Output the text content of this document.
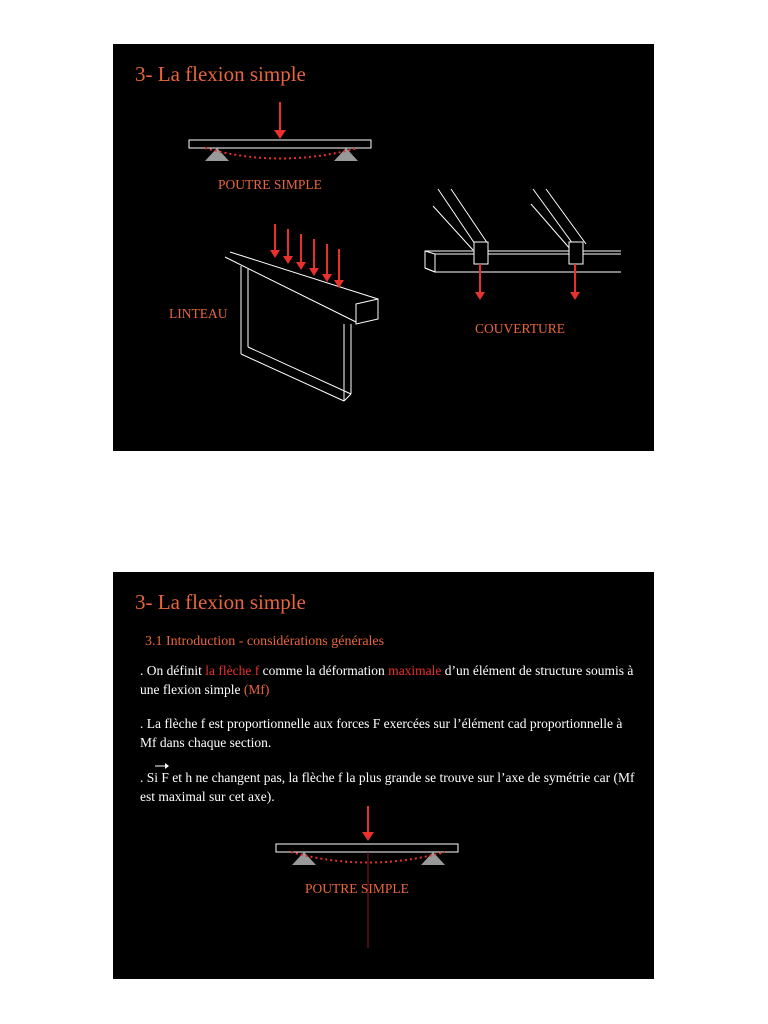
3- La flexion simple
POUTRE SIMPLE
LINTEAU
COUVERTURE
3- La flexion simple
3.1 Introduction - considérations générales

. On définit la flèche f comme la déformation maximale d’un élément de structure soumis à une flexion simple (Mf)

. La flèche f est proportionnelle aux forces F exercées sur l’élément cad proportionnelle à Mf dans chaque section.

. Si F et h ne changent pas, la flèche f la plus grande se trouve sur l’axe de symétrie car (Mf est maximal sur cet axe).

POUTRE SIMPLE
